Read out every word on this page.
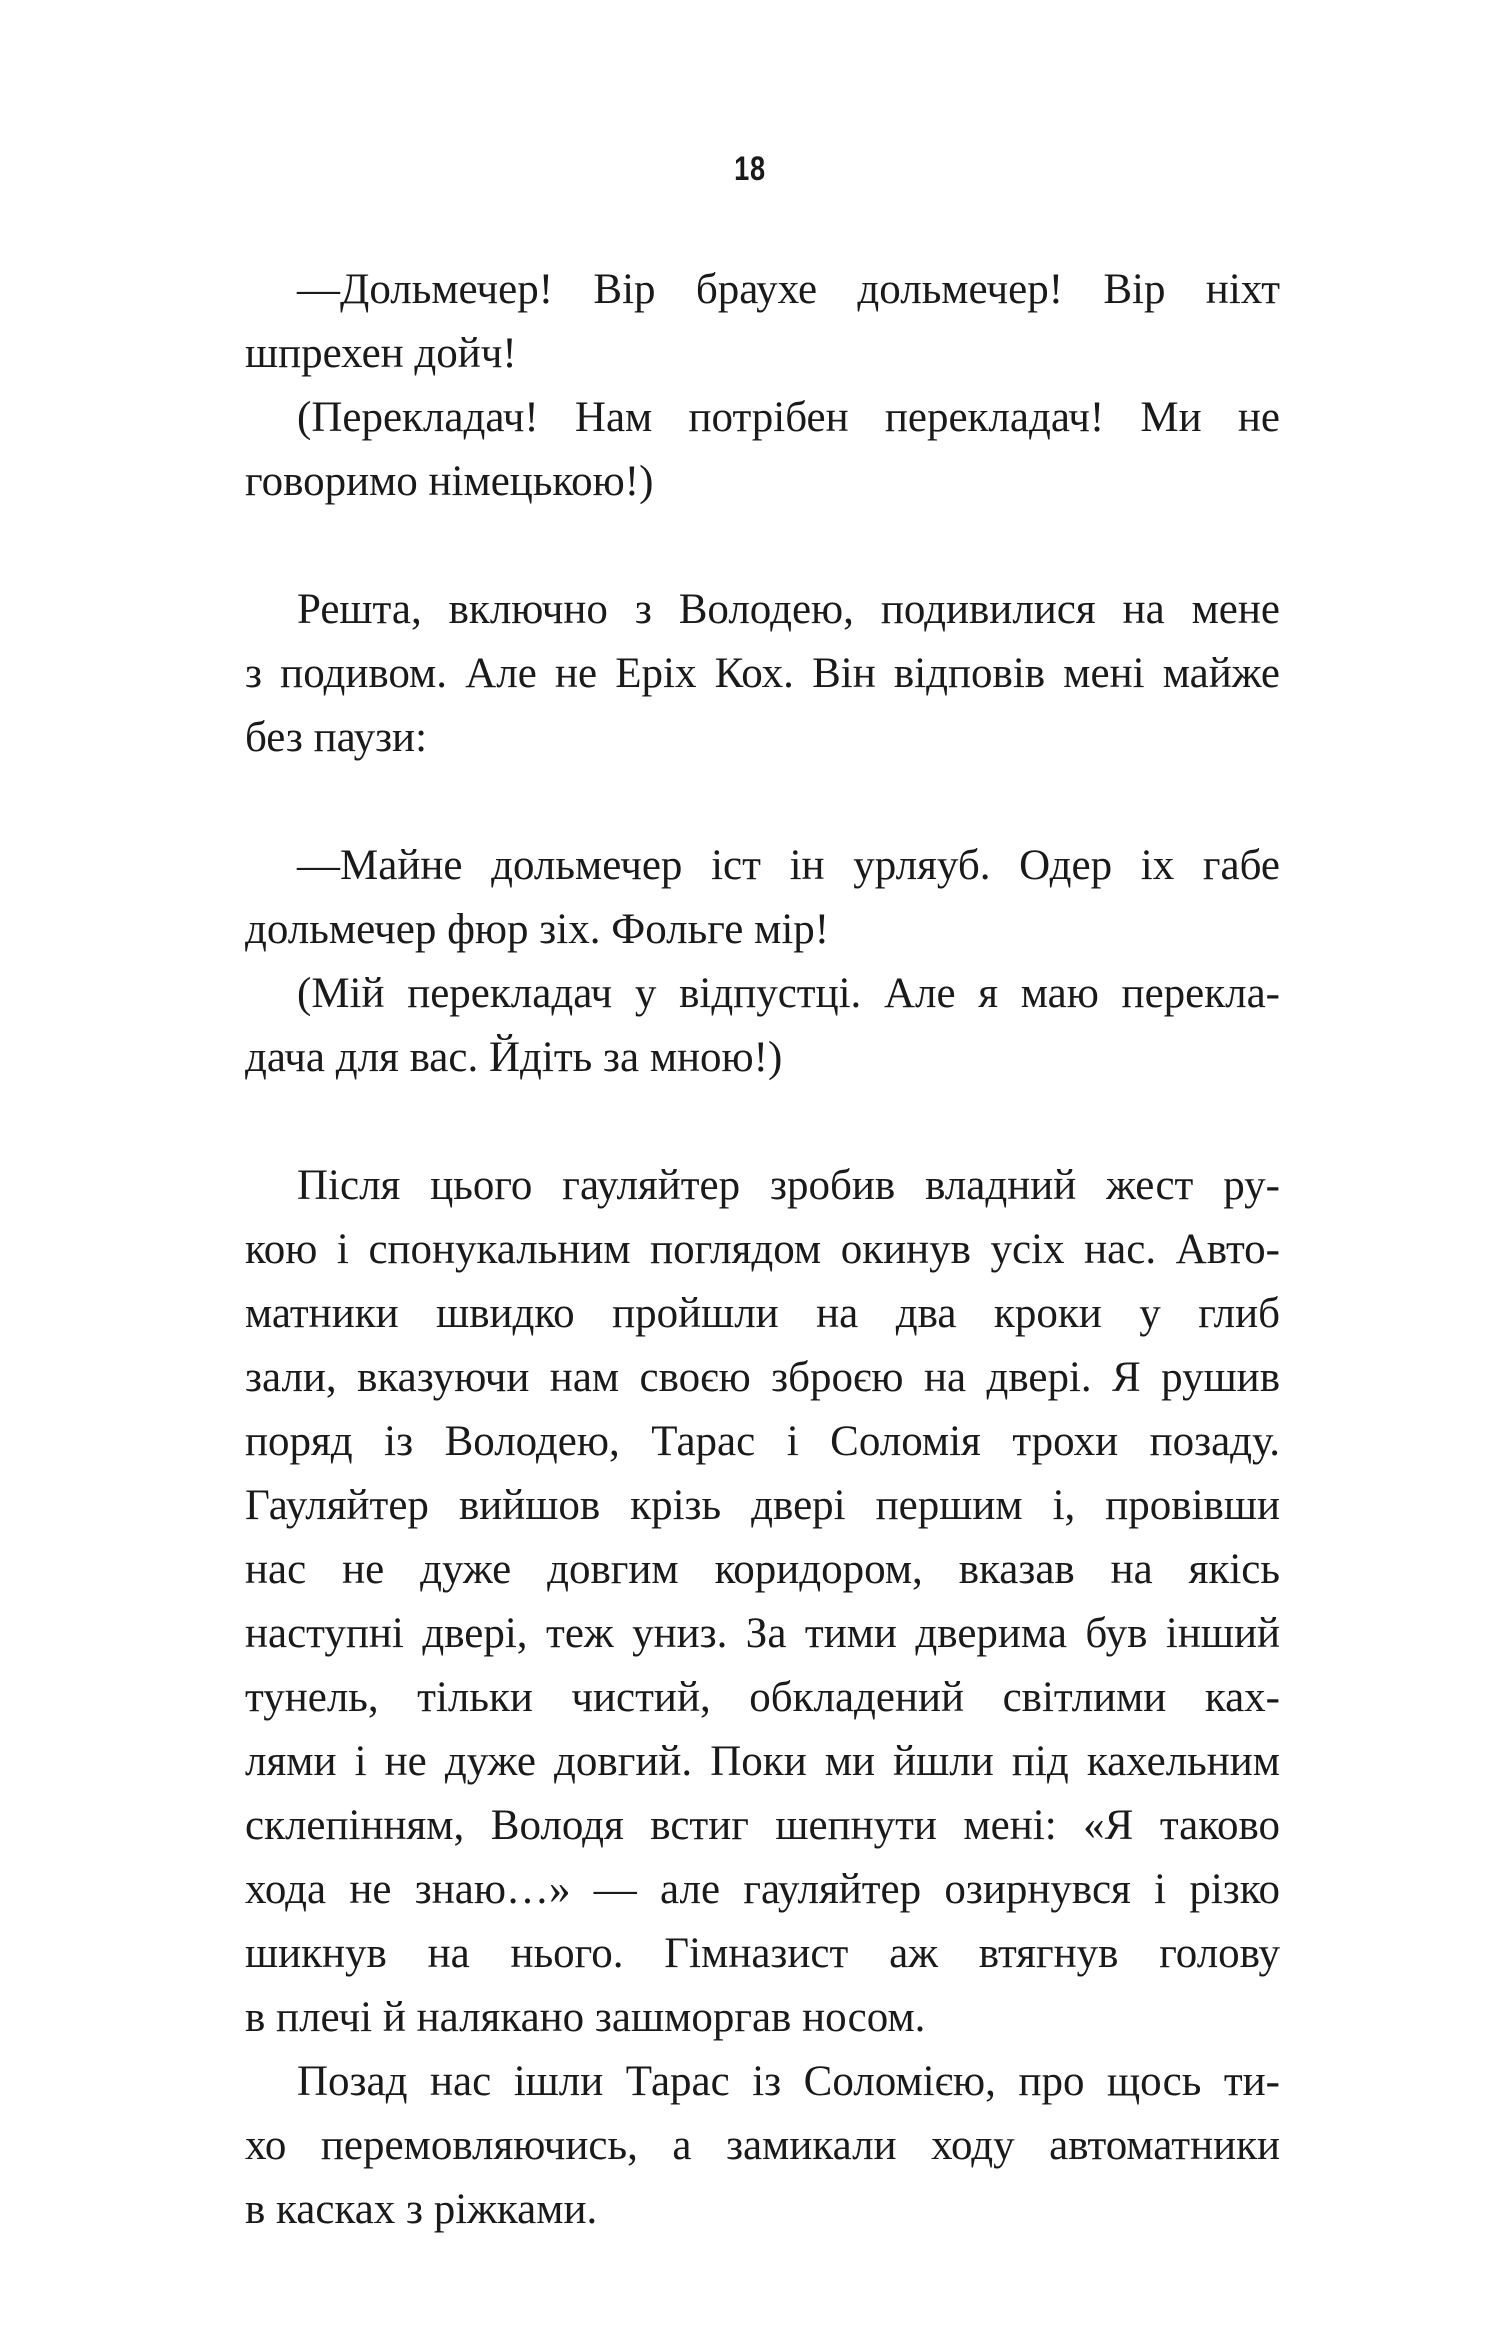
18
—Дольмечер! Вір браухе дольмечер! Вір ніхт
шпрехен дойч!
(Перекладач! Нам потрібен перекладач! Ми не
говоримо німецькою!)
Решта, включно з Володею, подивилися на мене
з подивом. Але не Еріх Кох. Він відповів мені майже
без паузи:
—Майне дольмечер іст ін урляуб. Одер іх габе
дольмечер фюр зіх. Фольге мір!
(Мій перекладач у відпустці. Але я маю перекла-
дача для вас. Йдіть за мною!)
Після цього гауляйтер зробив владний жест ру-
кою і спонукальним поглядом окинув усіх нас. Авто-
матники швидко пройшли на два кроки у глиб
зали, вказуючи нам своєю зброєю на двері. Я рушив
поряд із Володею, Тарас і Соломія трохи позаду.
Гауляйтер вийшов крізь двері першим і, провівши
нас не дуже довгим коридором, вказав на якісь
наступні двері, теж униз. За тими дверима був інший
тунель, тільки чистий, обкладений світлими ках-
лями і не дуже довгий. Поки ми йшли під кахельним
склепінням, Володя встиг шепнути мені: «Я таково
хода не знаю…» — але гауляйтер озирнувся і різко
шикнув на нього. Гімназист аж втягнув голову
в плечі й налякано зашморгав носом.
Позад нас ішли Тарас із Соломією, про щось ти-
хо перемовляючись, а замикали ходу автоматники
в касках з ріжками.
